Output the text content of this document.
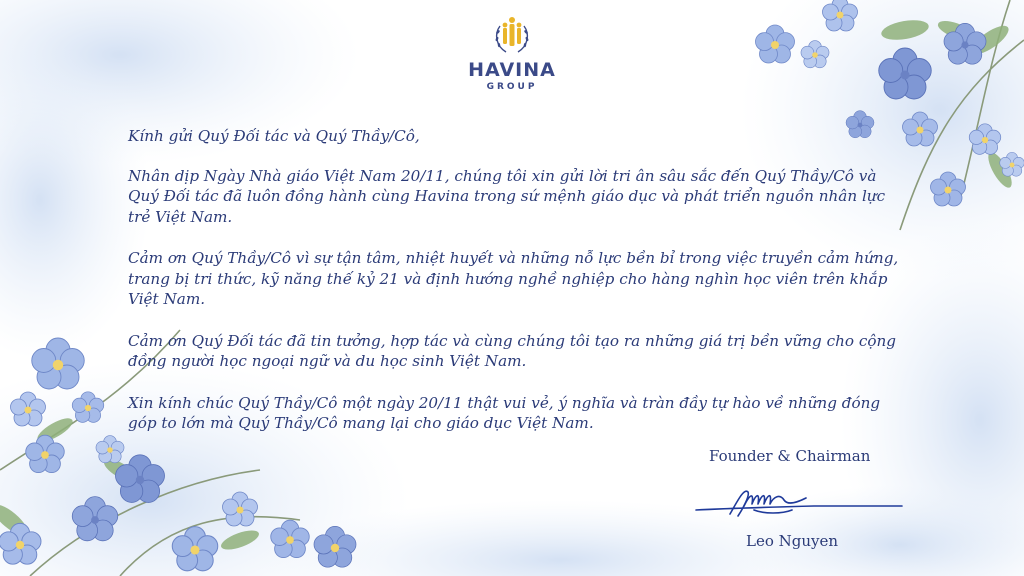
HAVINA
GROUP

Kính gửi Quý Đối tác và Quý Thầy/Cô,

Nhân dịp Ngày Nhà giáo Việt Nam 20/11, chúng tôi xin gửi lời tri ân sâu sắc đến Quý Thầy/Cô và Quý Đối tác đã luôn đồng hành cùng Havina trong sứ mệnh giáo dục và phát triển nguồn nhân lực trẻ Việt Nam.

Cảm ơn Quý Thầy/Cô vì sự tận tâm, nhiệt huyết và những nỗ lực bền bỉ trong việc truyền cảm hứng, trang bị tri thức, kỹ năng thế kỷ 21 và định hướng nghề nghiệp cho hàng nghìn học viên trên khắp Việt Nam.

Cảm ơn Quý Đối tác đã tin tưởng, hợp tác và cùng chúng tôi tạo ra những giá trị bền vững cho cộng đồng người học ngoại ngữ và du học sinh Việt Nam.

Xin kính chúc Quý Thầy/Cô một ngày 20/11 thật vui vẻ, ý nghĩa và tràn đầy tự hào về những đóng góp to lớn mà Quý Thầy/Cô mang lại cho giáo dục Việt Nam.

Founder & Chairman
Leo Nguyen
